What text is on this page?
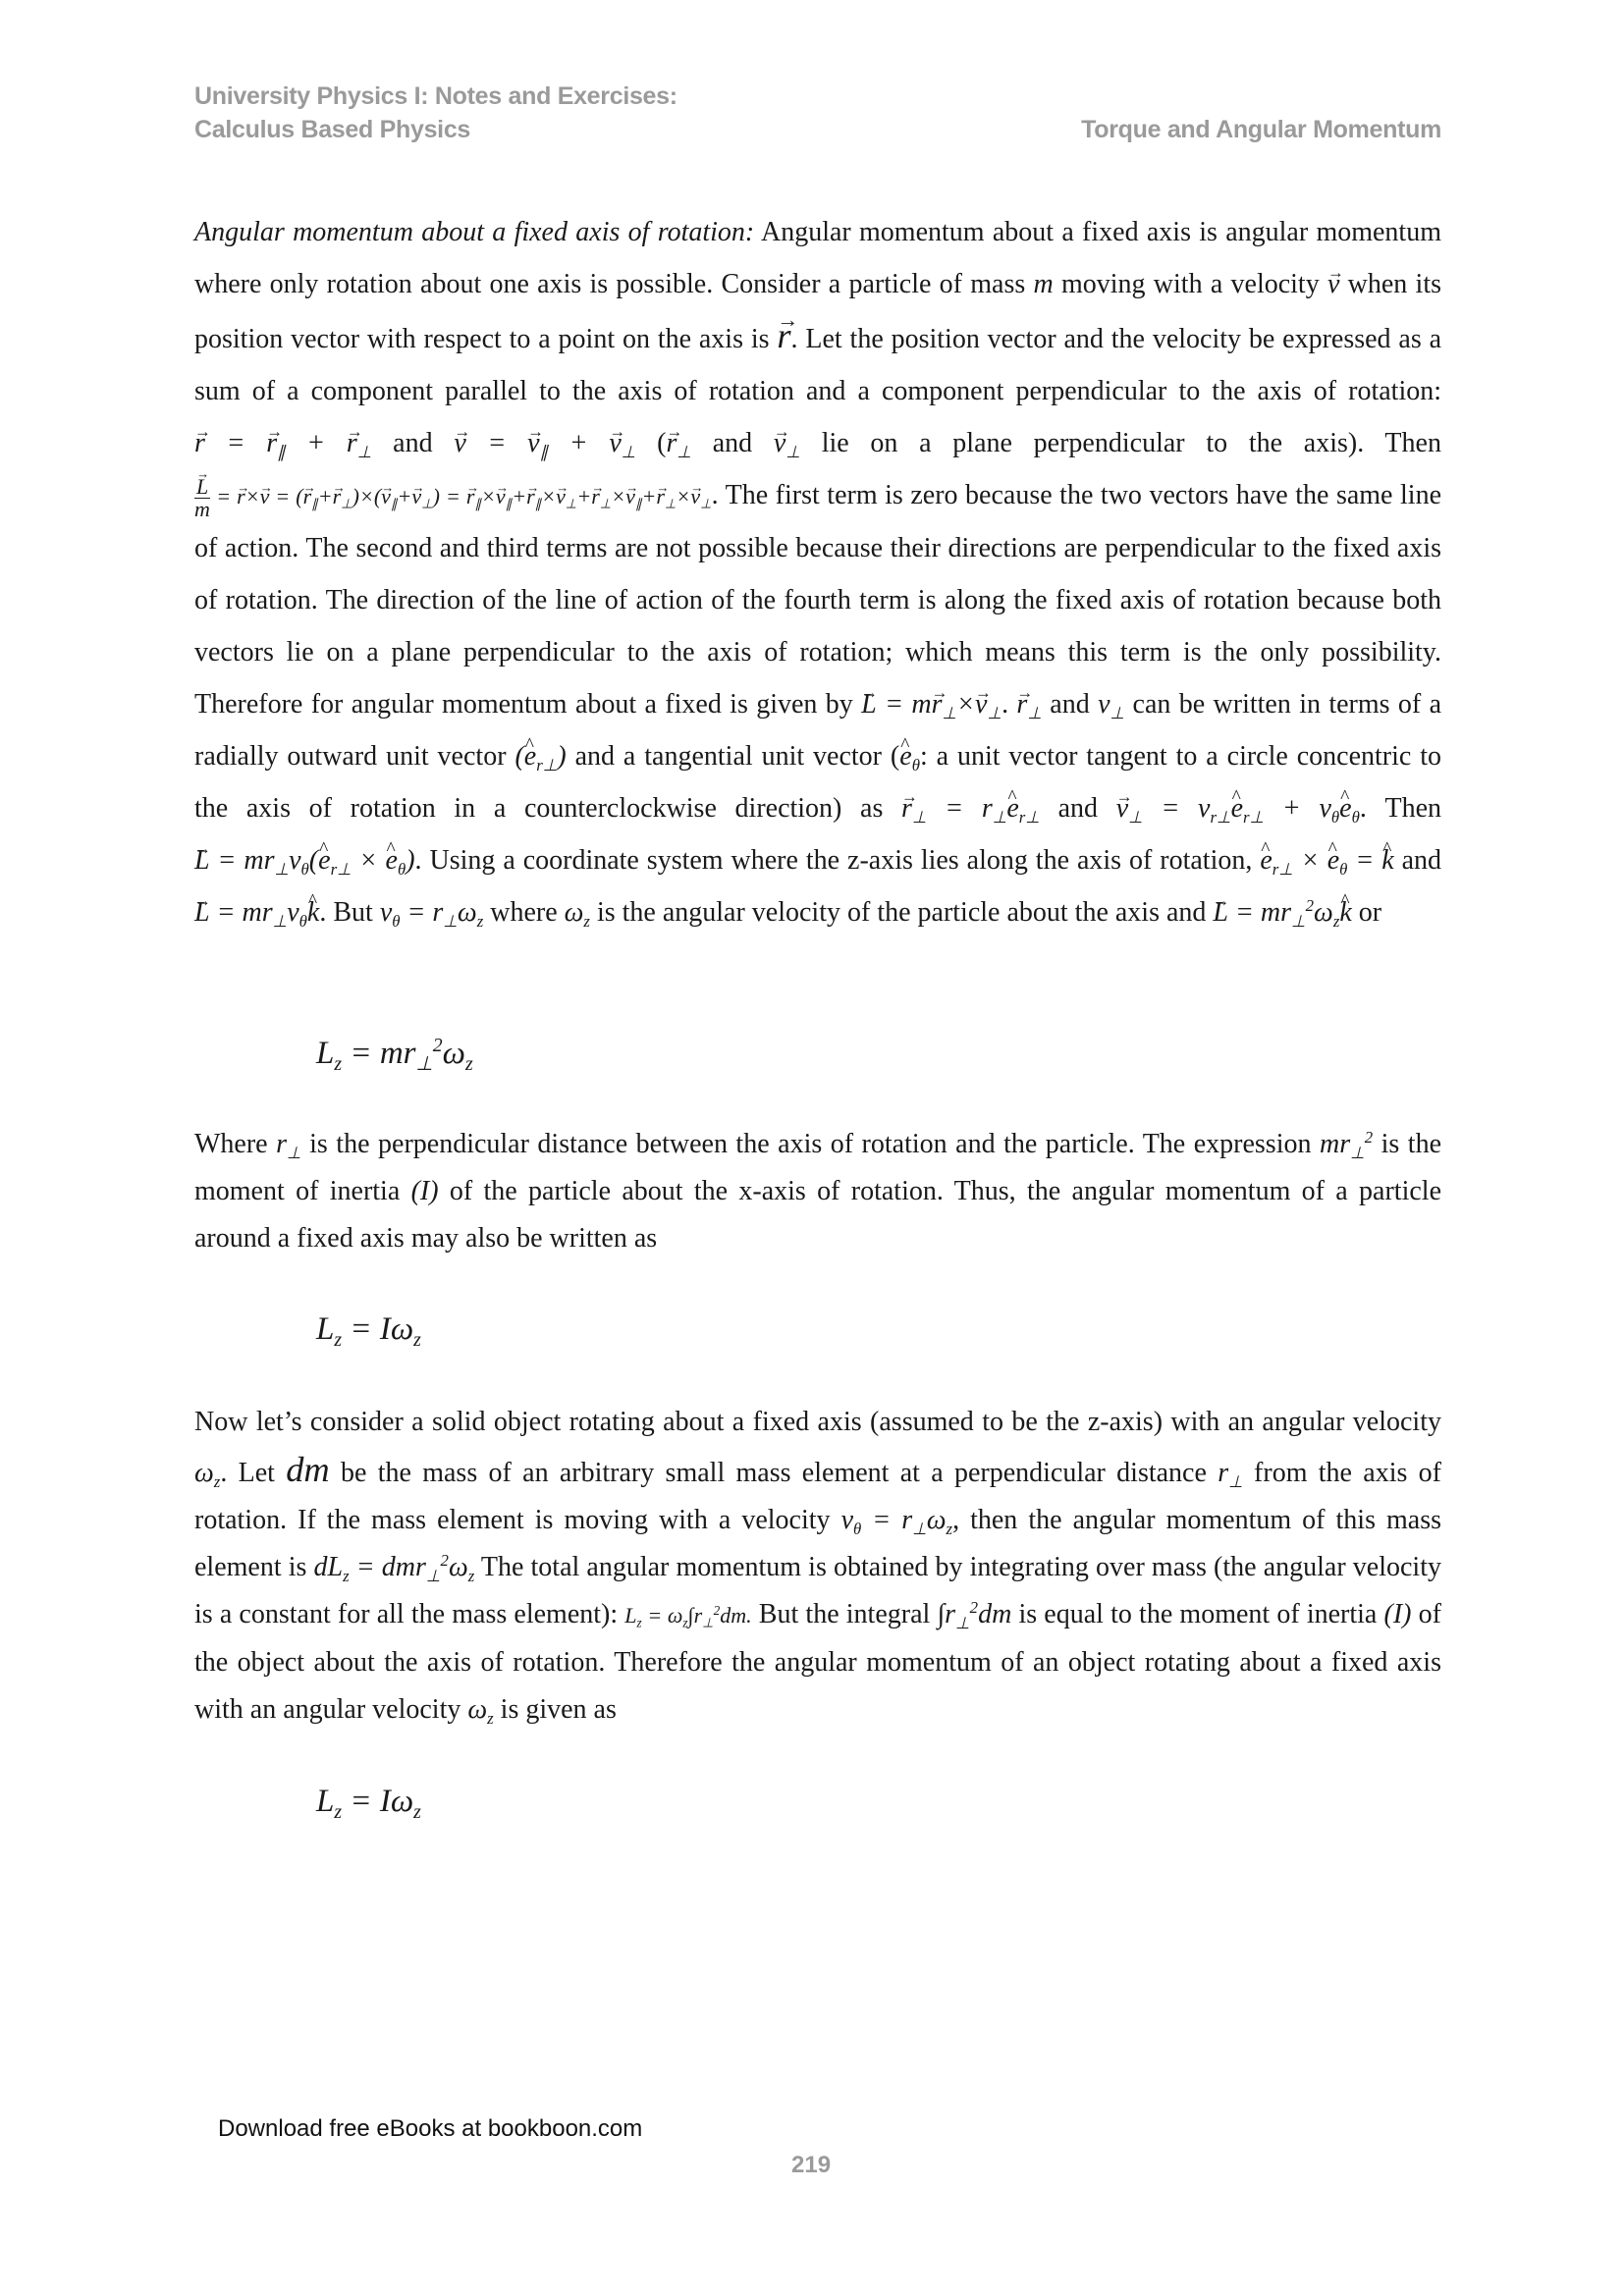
University Physics I: Notes and Exercises:
Calculus Based Physics	Torque and Angular Momentum
Angular momentum about a fixed axis of rotation: Angular momentum about a fixed axis is angular momentum where only rotation about one axis is possible. Consider a particle of mass m moving with a velocity → v when its position vector with respect to a point on the axis is → r. Let the position vector and the velocity be expressed as a sum of a component parallel to the axis of rotation and a component perpendicular to the axis of rotation: → r = → $r_\parallel$ + → $r_\perp$ and → v = → $v_\parallel$ + → $v_\perp$ (→ $r_\perp$ and → $v_\perp$ lie on a plane perpendicular to the axis). Then
→ $\frac{L}{m}$ = → r×→ v = (→ $r_\parallel+\to r_\perp)\times(\to v_\parallel+\to v_\perp)$ = → $r_\parallel\times\to v_\parallel+\to r_\parallel\times\to v_\perp+\to r_\perp\times\to v_\parallel+\to r_\perp\times\to v_\perp$. The first term is zero because the two vectors have the same line of action. The second and third terms are not possible because their directions are perpendicular to the fixed axis of rotation. The direction of the line of action of the fourth term is along the fixed axis of rotation because both vectors lie on a plane perpendicular to the axis of rotation; which means this term is the only possibility. Therefore for angular momentum about a fixed is given by → $L = m\to r_\perp\times\to v_\perp$. → $r_\perp$ and $v_\perp$ can be written in terms of a radially outward unit vector (^ $e_{r\perp}$) and a tangential unit vector (^ $e_\theta$: a unit vector tangent to a circle concentric to the axis of rotation in a counterclockwise direction) as → $r_\perp$ = $r_\perp\^{}$ $e_{r\perp}$ and → $v_\perp$ = $v_{r\perp}\^{}$ $e_{r\perp}$ + $v_\theta\^{}$ $e_\theta$. Then → $L = mr_\perp v_\theta(\^{}$ $e_{r\perp}$ × ^ $e_\theta$). Using a coordinate system where the z-axis lies along the axis of rotation, ^ $e_{r\perp}$ × ^ $e_\theta$ = ^ k and → $L = mr_\perp v_\theta\^{}$ k. But $v_\theta = r_\perp\omega_z$ where $\omega_z$ is the angular velocity of the particle about the axis and → $L = mr_\perp^2\omega_z\^{}$ k or
$L_z = mr_\perp^2\omega_z$
Where $r_\perp$ is the perpendicular distance between the axis of rotation and the particle. The expression $mr_\perp^2$ is the moment of inertia (I) of the particle about the x-axis of rotation. Thus, the angular momentum of a particle around a fixed axis may also be written as
$L_z = I\omega_z$
Now let’s consider a solid object rotating about a fixed axis (assumed to be the z-axis) with an angular velocity $\omega_z$. Let dm be the mass of an arbitrary small mass element at a perpendicular distance $r_\perp$ from the axis of rotation. If the mass element is moving with a velocity $v_\theta = r_\perp\omega_z$, then the angular momentum of this mass element is $dL_z = dmr_\perp^2\omega_z$ The total angular momentum is obtained by integrating over mass (the angular velocity is a constant for all the mass element): $L_z = \omega_z\int r_\perp^2dm$. But the integral $\int r_\perp^2dm$ is equal to the moment of inertia (I) of the object about the axis of rotation. Therefore the angular momentum of an object rotating about a fixed axis with an angular velocity $\omega_z$ is given as
$L_z = I\omega_z$
Download free eBooks at bookboon.com
219
